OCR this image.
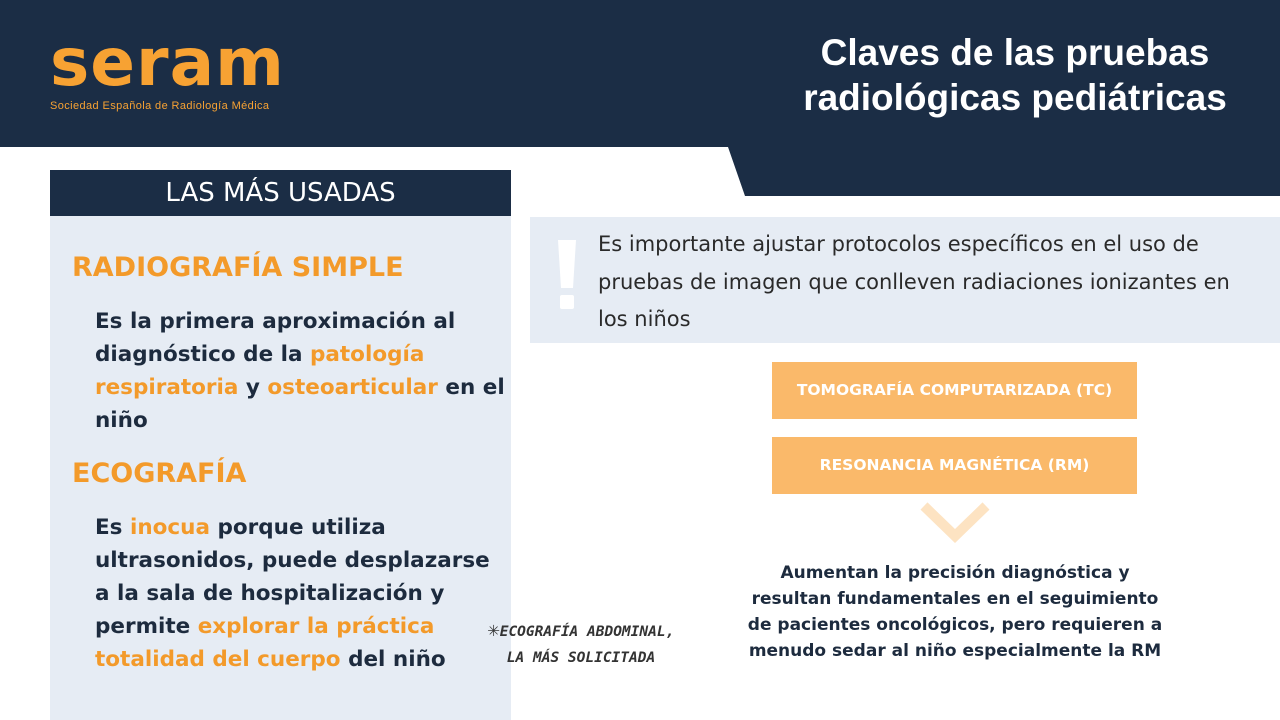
seram
Sociedad Española de Radiología Médica
Claves de las pruebas radiológicas pediátricas
LAS MÁS USADAS
RADIOGRAFÍA SIMPLE
Es la primera aproximación al diagnóstico de la patología respiratoria y osteoarticular en el niño
ECOGRAFÍA
Es inocua porque utiliza ultrasonidos, puede desplazarse a la sala de hospitalización y permite explorar la práctica totalidad del cuerpo del niño
✳ECOGRAFÍA ABDOMINAL,
LA MÁS SOLICITADA
Es importante ajustar protocolos específicos en el uso de pruebas de imagen que conlleven radiaciones ionizantes en los niños
TOMOGRAFÍA COMPUTARIZADA (TC)
RESONANCIA MAGNÉTICA (RM)
Aumentan la precisión diagnóstica y resultan fundamentales en el seguimiento de pacientes oncológicos, pero requieren a menudo sedar al niño especialmente la RM
